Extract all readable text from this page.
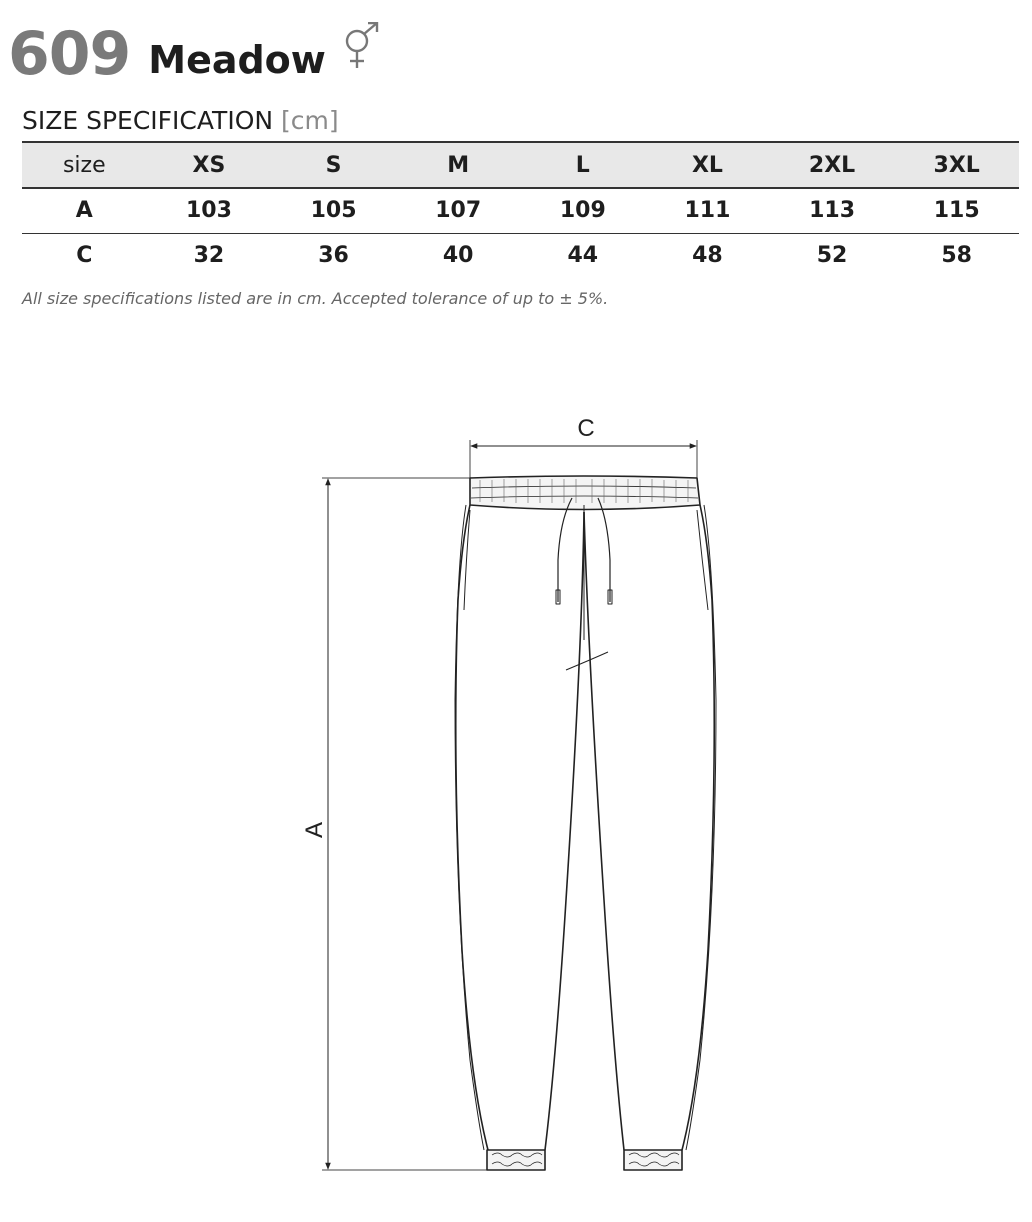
609 Meadow
SIZE SPECIFICATION [cm]
size	XS	S	M	L	XL	2XL	3XL
A	103	105	107	109	111	113	115
C	32	36	40	44	48	52	58
All size specifications listed are in cm. Accepted tolerance of up to ± 5%.
C
A
